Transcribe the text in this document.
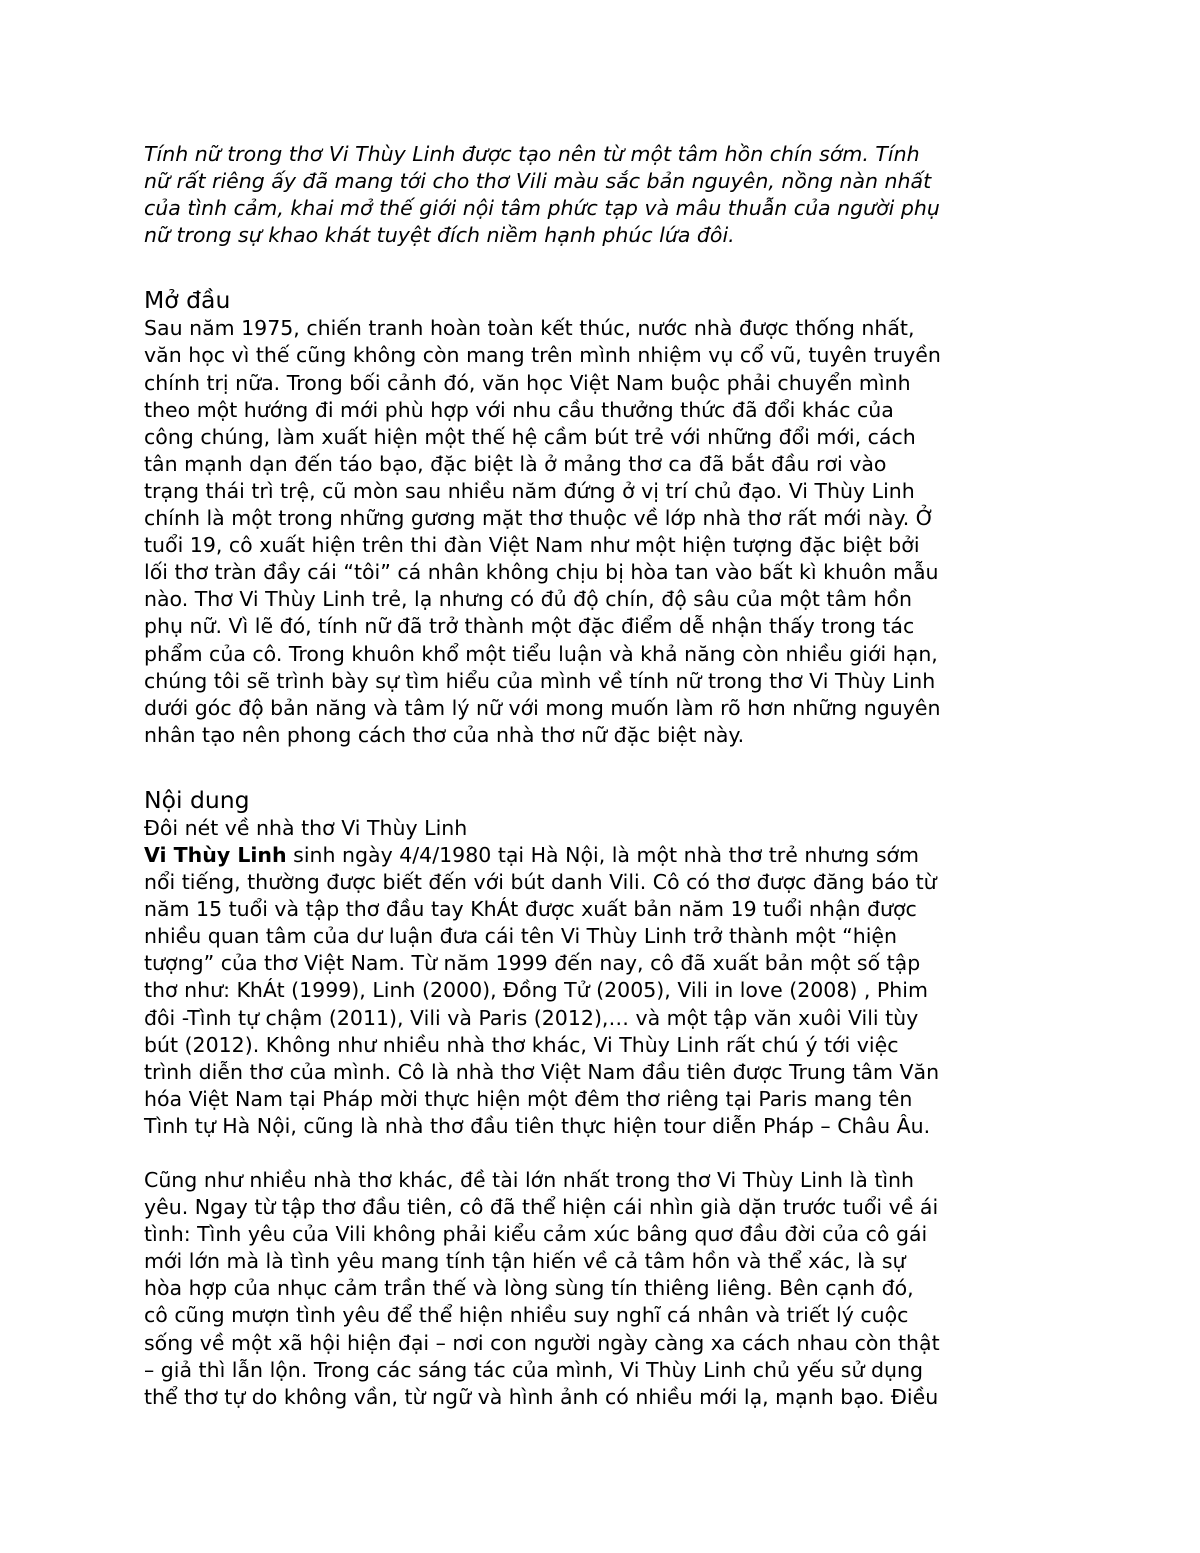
Tính nữ trong thơ Vi Thùy Linh được tạo nên từ một tâm hồn chín sớm. Tính
nữ rất riêng ấy đã mang tới cho thơ Vili màu sắc bản nguyên, nồng nàn nhất
của tình cảm, khai mở thế giới nội tâm phức tạp và mâu thuẫn của người phụ
nữ trong sự khao khát tuyệt đích niềm hạnh phúc lứa đôi.

Mở đầu

Sau năm 1975, chiến tranh hoàn toàn kết thúc, nước nhà được thống nhất,
văn học vì thế cũng không còn mang trên mình nhiệm vụ cổ vũ, tuyên truyền
chính trị nữa. Trong bối cảnh đó, văn học Việt Nam buộc phải chuyển mình
theo một hướng đi mới phù hợp với nhu cầu thưởng thức đã đổi khác của
công chúng, làm xuất hiện một thế hệ cầm bút trẻ với những đổi mới, cách
tân mạnh dạn đến táo bạo, đặc biệt là ở mảng thơ ca đã bắt đầu rơi vào
trạng thái trì trệ, cũ mòn sau nhiều năm đứng ở vị trí chủ đạo. Vi Thùy Linh
chính là một trong những gương mặt thơ thuộc về lớp nhà thơ rất mới này. Ở
tuổi 19, cô xuất hiện trên thi đàn Việt Nam như một hiện tượng đặc biệt bởi
lối thơ tràn đầy cái “tôi” cá nhân không chịu bị hòa tan vào bất kì khuôn mẫu
nào. Thơ Vi Thùy Linh trẻ, lạ nhưng có đủ độ chín, độ sâu của một tâm hồn
phụ nữ. Vì lẽ đó, tính nữ đã trở thành một đặc điểm dễ nhận thấy trong tác
phẩm của cô. Trong khuôn khổ một tiểu luận và khả năng còn nhiều giới hạn,
chúng tôi sẽ trình bày sự tìm hiểu của mình về tính nữ trong thơ Vi Thùy Linh
dưới góc độ bản năng và tâm lý nữ với mong muốn làm rõ hơn những nguyên
nhân tạo nên phong cách thơ của nhà thơ nữ đặc biệt này.

Nội dung
Đôi nét về nhà thơ Vi Thùy Linh

Vi Thùy Linh sinh ngày 4/4/1980 tại Hà Nội, là một nhà thơ trẻ nhưng sớm
nổi tiếng, thường được biết đến với bút danh Vili. Cô có thơ được đăng báo từ
năm 15 tuổi và tập thơ đầu tay KhÁt được xuất bản năm 19 tuổi nhận được
nhiều quan tâm của dư luận đưa cái tên Vi Thùy Linh trở thành một “hiện
tượng” của thơ Việt Nam. Từ năm 1999 đến nay, cô đã xuất bản một số tập
thơ như: KhÁt (1999), Linh (2000), Đồng Tử (2005), Vili in love (2008) , Phim
đôi -Tình tự chậm (2011), Vili và Paris (2012),… và một tập văn xuôi Vili tùy
bút (2012). Không như nhiều nhà thơ khác, Vi Thùy Linh rất chú ý tới việc
trình diễn thơ của mình. Cô là nhà thơ Việt Nam đầu tiên được Trung tâm Văn
hóa Việt Nam tại Pháp mời thực hiện một đêm thơ riêng tại Paris mang tên
Tình tự Hà Nội, cũng là nhà thơ đầu tiên thực hiện tour diễn Pháp – Châu Âu.

Cũng như nhiều nhà thơ khác, đề tài lớn nhất trong thơ Vi Thùy Linh là tình
yêu. Ngay từ tập thơ đầu tiên, cô đã thể hiện cái nhìn già dặn trước tuổi về ái
tình: Tình yêu của Vili không phải kiểu cảm xúc bâng quơ đầu đời của cô gái
mới lớn mà là tình yêu mang tính tận hiến về cả tâm hồn và thể xác, là sự
hòa hợp của nhục cảm trần thế và lòng sùng tín thiêng liêng. Bên cạnh đó,
cô cũng mượn tình yêu để thể hiện nhiều suy nghĩ cá nhân và triết lý cuộc
sống về một xã hội hiện đại – nơi con người ngày càng xa cách nhau còn thật
– giả thì lẫn lộn. Trong các sáng tác của mình, Vi Thùy Linh chủ yếu sử dụng
thể thơ tự do không vần, từ ngữ và hình ảnh có nhiều mới lạ, mạnh bạo. Điều
